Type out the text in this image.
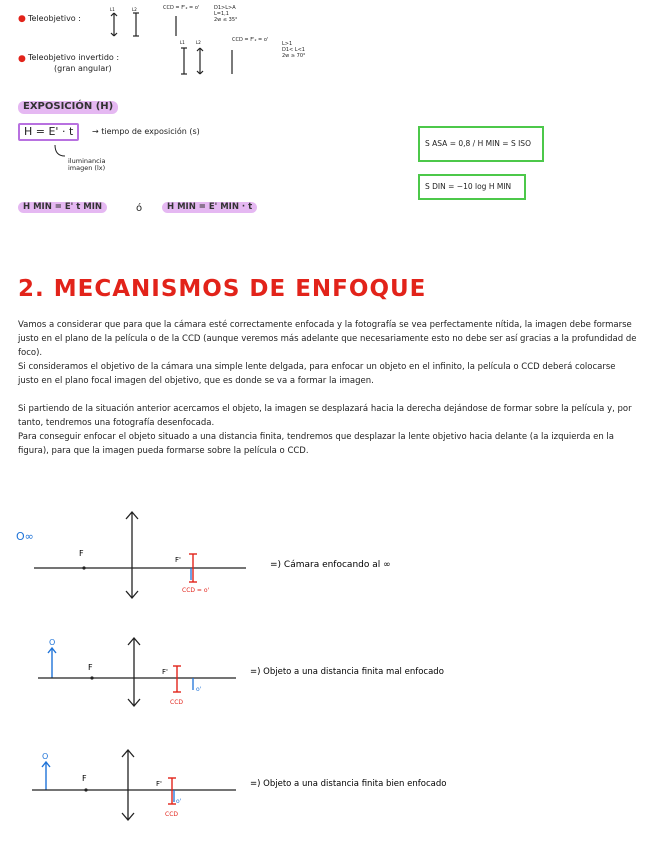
● Teleobjetivo :
L1	L2	CCD = F'₂ = o'	D1>L>A
L=1,1
2w ≤ 35°
● Teleobjetivo invertido :
(gran angular)
L1	L2	CCD = F'₂ = o'
L>1
D1< L<1
2w ≥ 70°
EXPOSICIÓN (H)
H = E' · t	→ tiempo de exposición (s)
iluminancia
imagen (lx)
H MIN = E' t MIN	ó	H MIN = E' MIN · t
S ASA = 0,8 / H MIN = S ISO
S DIN = −10 log H MIN
2. MECANISMOS DE ENFOQUE

Vamos a considerar que para que la cámara esté correctamente enfocada y la fotografía se vea perfectamente nítida, la imagen debe formarse justo en el plano de la película o de la CCD (aunque veremos más adelante que necesariamente esto no debe ser así gracias a la profundidad de foco).

Si consideramos el objetivo de la cámara una simple lente delgada, para enfocar un objeto en el infinito, la película o CCD deberá colocarse justo en el plano focal imagen del objetivo, que es donde se va a formar la imagen.

Si partiendo de la situación anterior acercamos el objeto, la imagen se desplazará hacia la derecha dejándose de formar sobre la película y, por tanto, tendremos una fotografía desenfocada.

Para conseguir enfocar el objeto situado a una distancia finita, tendremos que desplazar la lente objetivo hacia delante (a la izquierda en la figura), para que la imagen pueda formarse sobre la película o CCD.

O∞
F
F'
CCD = o'
=) Cámara enfocando al ∞
O
F	F'
o'
CCD
=) Objeto a una distancia finita mal enfocado
O
F
F'
o'
CCD
=) Objeto a una distancia finita bien enfocado
